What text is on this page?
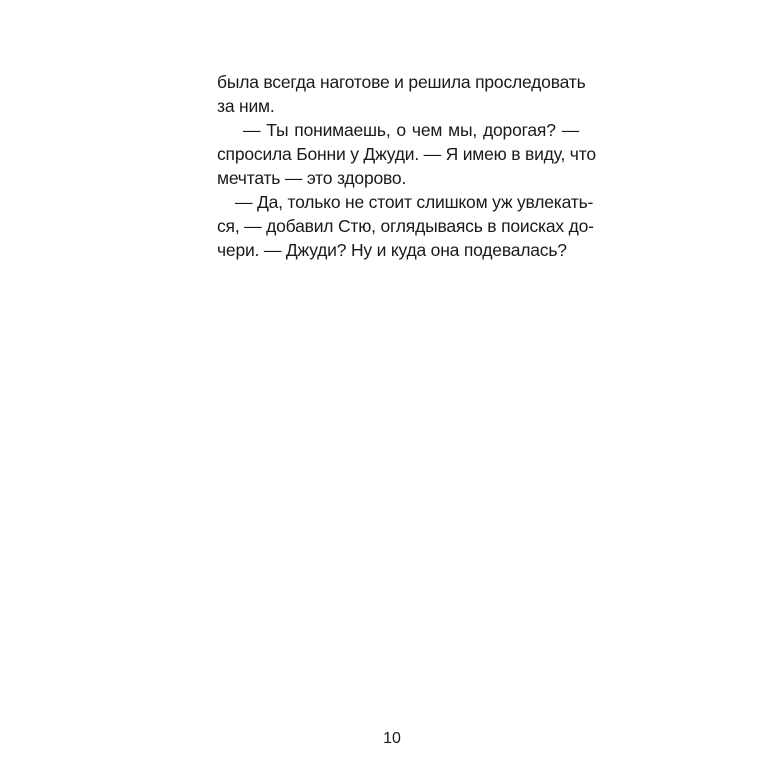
была всегда наготове и решила проследовать
за ним.
— Ты понимаешь, о чем мы, дорогая? —
спросила Бонни у Джуди. — Я имею в виду, что
мечтать — это здорово.
— Да, только не стоит слишком уж увлекать-
ся, — добавил Стю, оглядываясь в поисках до-
чери. — Джуди? Ну и куда она подевалась?
10
